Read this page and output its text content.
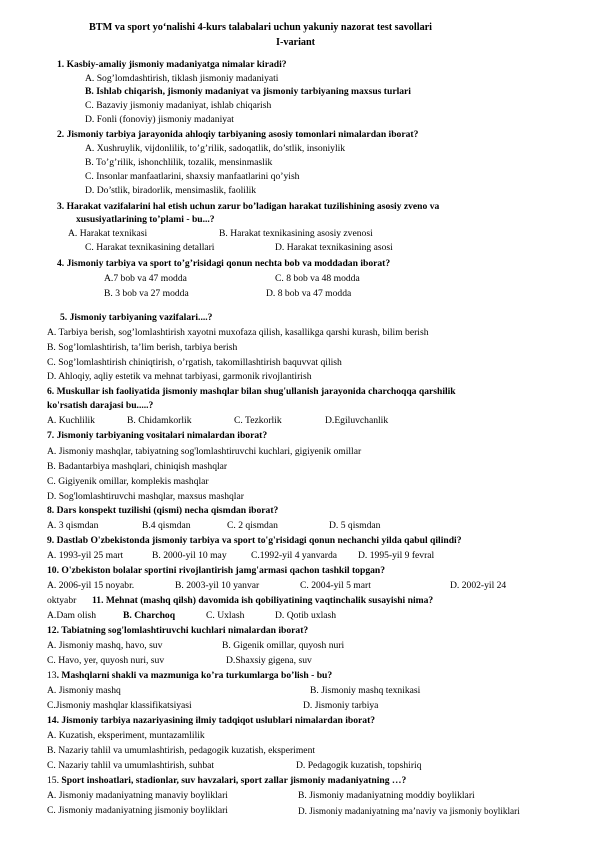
BTM va sport yo‘nalishi 4-kurs talabalari uchun yakuniy nazorat test savollari
I-variant
1. Kasbiy-amaliy jismoniy madaniyatga nimalar kiradi?
A. Sog’lomdashtirish, tiklash jismoniy madaniyati
B. Ishlab chiqarish, jismoniy madaniyat va jismoniy tarbiyaning maxsus turlari
C. Bazaviy jismoniy madaniyat, ishlab chiqarish
D. Fonli (fonoviy) jismoniy madaniyat
2. Jismoniy tarbiya jarayonida ahloqiy tarbiyaning asosiy tomonlari nimalardan iborat?
A. Xushruylik, vijdonlilik, to’g’rilik, sadoqatlik, do’stlik, insoniylik
B. To’g’rilik, ishonchlilik, tozalik, mensinmaslik
C. Insonlar manfaatlarini, shaxsiy manfaatlarini qo’yish
D. Do’stlik, biradorlik, mensimaslik, faolilik
3. Harakat vazifalarini hal etish uchun zarur bo’ladigan harakat tuzilishining asosiy zveno va
xususiyatlarining to’plami - bu...?
A. Harakat texnikasi	B. Harakat texnikasining asosiy zvenosi
C. Harakat texnikasining detallari	D. Harakat texnikasining asosi
4. Jismoniy tarbiya va sport to’g’risidagi qonun nechta bob va moddadan iborat?
A.7 bob va 47 modda	C. 8 bob va 48 modda
B. 3 bob va 27 modda	D. 8 bob va 47 modda
5. Jismoniy tarbiyaning vazifalari....?
A. Tarbiya berish, sog’lomlashtirish xayotni muxofaza qilish, kasallikga qarshi kurash, bilim berish
B. Sog’lomlashtirish, ta’lim berish, tarbiya berish
C. Sog’lomlashtirish chiniqtirish, o’rgatish, takomillashtirish baquvvat qilish
D. Ahloqiy, aqliy estetik va mehnat tarbiyasi, garmonik rivojlantirish
6. Muskullar ish faoliyatida jismoniy mashqlar bilan shug'ullanish jarayonida charchoqqa qarshilik
ko'rsatish darajasi bu.....?
A. Kuchlilik	B. Chidamkorlik	C. Tezkorlik	D.Egiluvchanlik
7. Jismoniy tarbiyaning vositalari nimalardan iborat?
A. Jismoniy mashqlar, tabiyatning sog'lomlashtiruvchi kuchlari, gigiyenik omillar
B. Badantarbiya mashqlari, chiniqish mashqlar
C. Gigiyenik omillar, komplekis mashqlar
D. Sog'lomlashtiruvchi mashqlar, maxsus mashqlar
8. Dars konspekt tuzilishi (qismi) necha qismdan iborat?
A. 3 qismdan	B.4 qismdan	C. 2 qismdan	D. 5 qismdan
9. Dastlab O'zbekistonda jismoniy tarbiya va sport to'g'risidagi qonun nechanchi yilda qabul qilindi?
A. 1993-yil 25 mart	B. 2000-yil 10 may	C.1992-yil 4 yanvarda D. 1995-yil 9 fevral
10. O'zbekiston bolalar sportini rivojlantirish jamg'armasi qachon tashkil topgan?
A. 2006-yil 15 noyabr.	B. 2003-yil 10 yanvar	C. 2004-yil 5 mart	D. 2002-yil 24
oktyabr 11. Mehnat (mashq qilsh) davomida ish qobiliyatining vaqtinchalik susayishi nima?
A.Dam olish	B. Charchoq	C. Uxlash	D. Qotib uxlash
12. Tabiatning sog'lomlashtiruvchi kuchlari nimalardan iborat?
A. Jismoniy mashq, havo, suv	B. Gigenik omillar, quyosh nuri
C. Havo, yer, quyosh nuri, suv	D.Shaxsiy gigena, suv
13. Mashqlarni shakli va mazmuniga ko’ra turkumlarga bo’lish - bu?
A. Jismoniy mashq	B. Jismoniy mashq texnikasi
C.Jismoniy mashqlar klassifikatsiyasi	D. Jismoniy tarbiya
14. Jismoniy tarbiya nazariyasining ilmiy tadqiqot uslublari nimalardan iborat?
A. Kuzatish, eksperiment, muntazamlilik
B. Nazariy tahlil va umumlashtirish, pedagogik kuzatish, eksperiment
C. Nazariy tahlil va umumlashtirish, suhbat	D. Pedagogik kuzatish, topshiriq
15. Sport inshoatlari, stadionlar, suv havzalari, sport zallar jismoniy madaniyatning …?
A. Jismoniy madaniyatning manaviy boyliklari	B. Jismoniy madaniyatning moddiy boyliklari
C. Jismoniy madaniyatning jismoniy boyliklari	D. Jismoniy madaniyatning ma’naviy va jismoniy boyliklari
